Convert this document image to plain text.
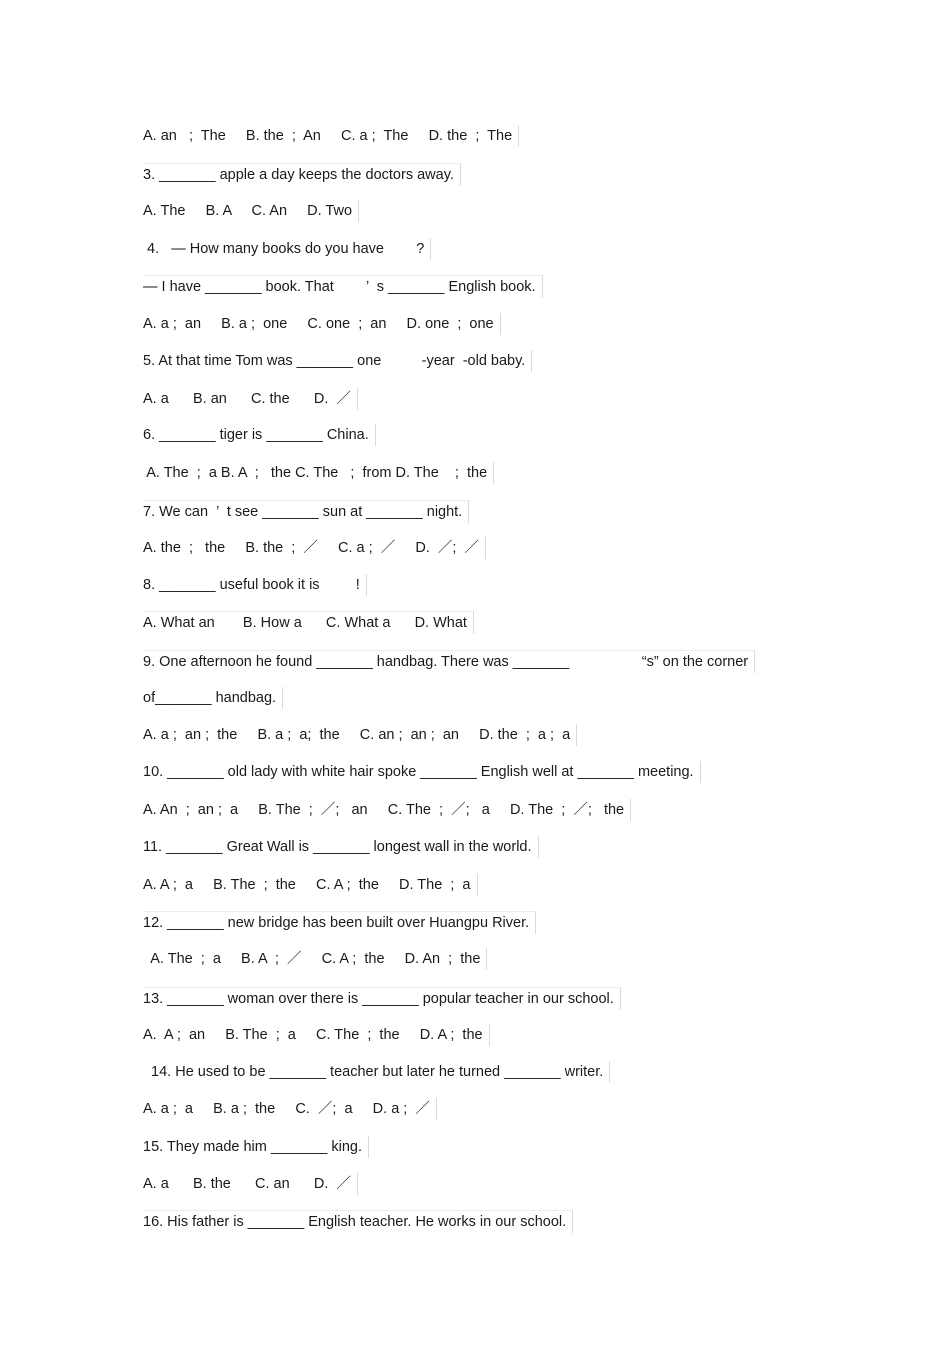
A. an   ;  The     B. the  ;  An     C. a ;  The     D. the  ;  The
3. _______ apple a day keeps the doctors away.
A. The     B. A     C. An     D. Two
4.   — How many books do you have        ?
— I have _______ book. That        ’  s _______ English book.
A. a ;  an     B. a ;  one     C. one  ;  an     D. one  ;  one
5. At that time Tom was _______ one          -year  -old baby.
A. a      B. an      C. the      D.  ／
6. _______ tiger is _______ China.
A. The  ;  a B. A  ;   the C. The   ;  from D. The    ;  the
7. We can  ’  t see _______ sun at _______ night.
A. the  ;   the     B. the  ;  ／     C. a ;  ／     D.  ／;  ／
8. _______ useful book it is         !
A. What an       B. How a      C. What a      D. What
9. One afternoon he found _______ handbag. There was _______                  “s” on the corner
of_______ handbag.
A. a ;  an ;  the     B. a ;  a;  the     C. an ;  an ;  an     D. the  ;  a ;  a
10. _______ old lady with white hair spoke _______ English well at _______ meeting.
A. An  ;  an ;  a     B. The  ;  ／;   an     C. The  ;  ／;   a     D. The  ;  ／;   the
11. _______ Great Wall is _______ longest wall in the world.
A. A ;  a     B. The  ;  the     C. A ;  the     D. The  ;  a
12. _______ new bridge has been built over Huangpu River.
A. The  ;  a     B. A  ;  ／     C. A ;  the     D. An  ;  the
13. _______ woman over there is _______ popular teacher in our school.
A.  A ;  an     B. The  ;  a     C. The  ;  the     D. A ;  the
14. He used to be _______ teacher but later he turned _______ writer.
A. a ;  a     B. a ;  the     C.  ／;  a     D. a ;  ／
15. They made him _______ king.
A. a      B. the      C. an      D.  ／
16. His father is _______ English teacher. He works in our school.
